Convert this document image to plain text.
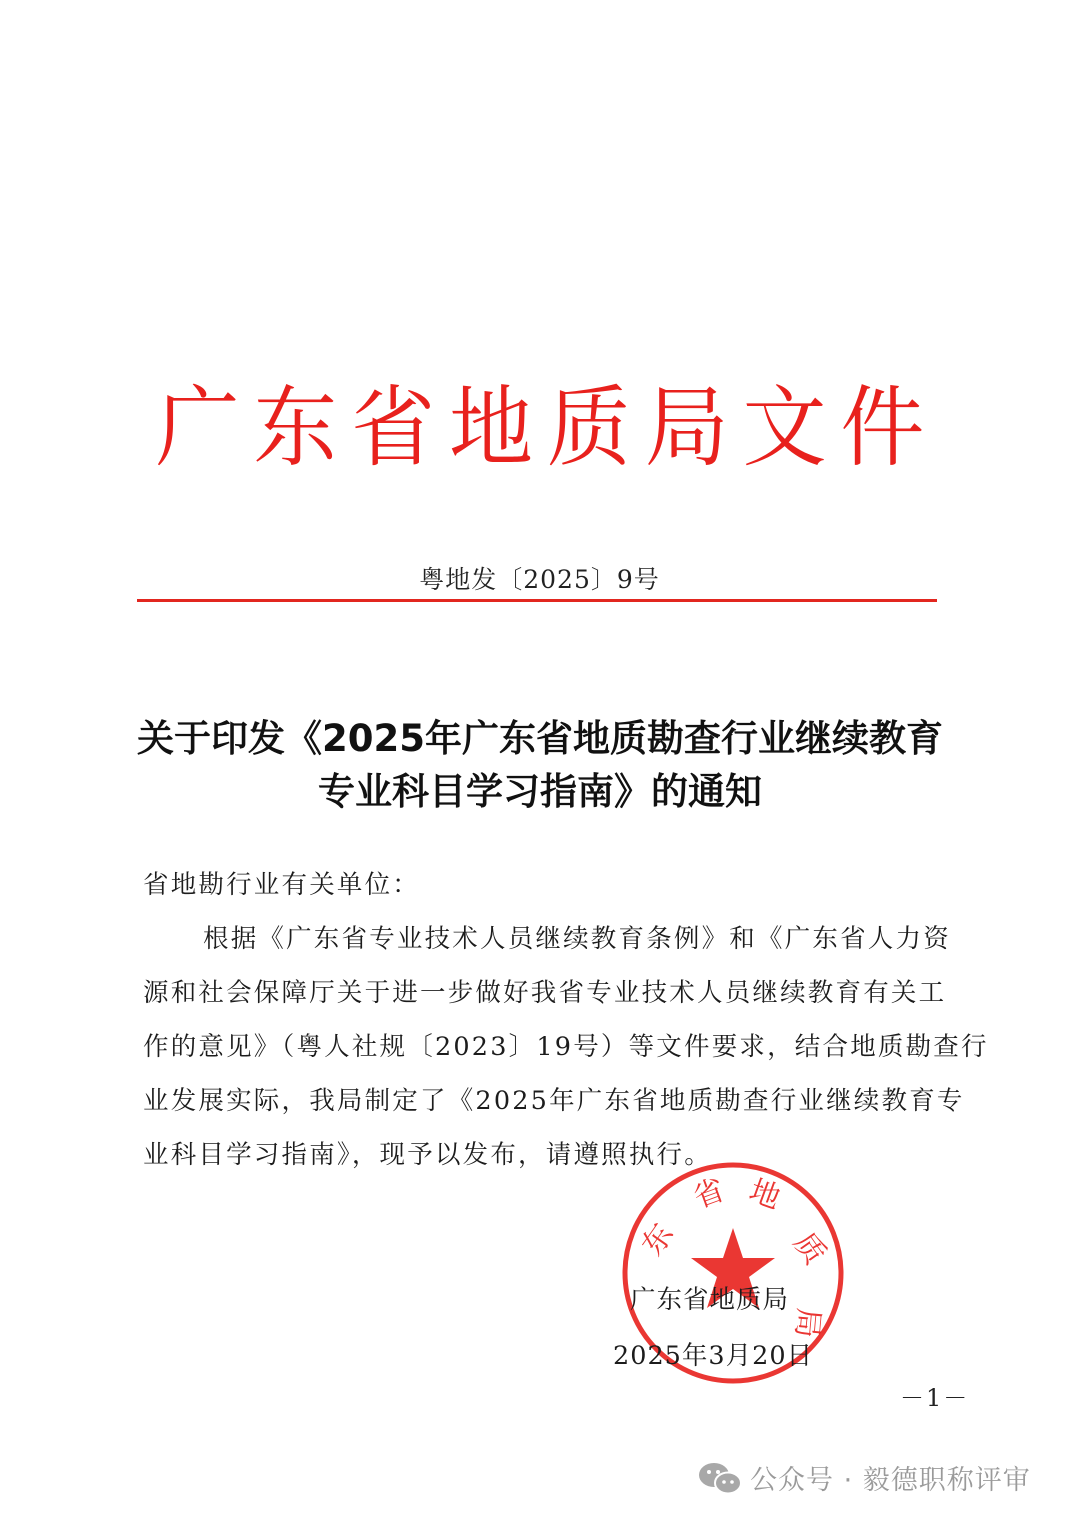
广 东 省 地 质 局 文 件
粤地发〔2025〕9号
关于印发《2025年广东省地质勘查行业继续教育
专业科目学习指南》的通知
省地勘行业有关单位：
根据《广东省专业技术人员继续教育条例》和《广东省人力资
源和社会保障厅关于进一步做好我省专业技术人员继续教育有关工
作的意见》（粤人社规〔2023〕19号）等文件要求，结合地质勘查行
业发展实际，我局制定了《2025年广东省地质勘查行业继续教育专
业科目学习指南》，现予以发布，请遵照执行。
东
省 地
质
局
广东省地质局
2025年3月20日
－1－
公众号 · 毅德职称评审
